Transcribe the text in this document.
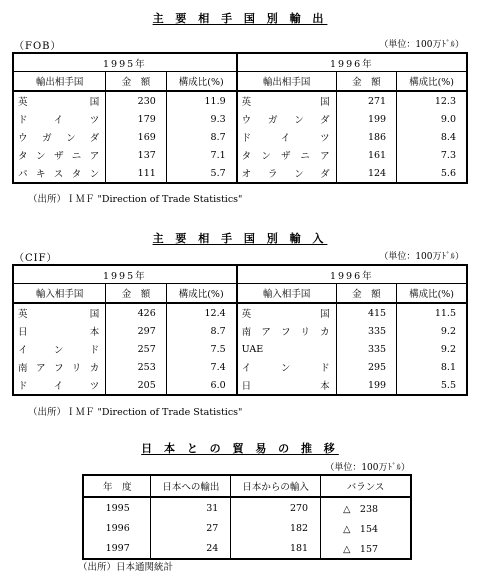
主 要 相 手 国 別 輸 出
（FOB）	（単位：100万ﾄﾞﾙ）
1995年			1996年		
輸出相手国	金　額	構成比(%)	輸出相手国	金　額	構成比(%)
英国	230	11.9	英国	271	12.3
ドイツ	179	9.3	ウガンダ	199	9.0
ウガンダ	169	8.7	ドイツ	186	8.4
タンザニア	137	7.1	タンザニア	161	7.3
パキスタン	111	5.7	オランダ	124	5.6
（出所）ＩＭＦ "Direction of Trade Statistics"
主 要 相 手 国 別 輸 入
（CIF）	（単位：100万ﾄﾞﾙ）
1995年			1996年		
輸入相手国	金　額	構成比(%)	輸入相手国	金　額	構成比(%)
英国	426	12.4	英国	415	11.5
日本	297	8.7	南アフリカ	335	9.2
インド	257	7.5	UAE	335	9.2
南アフリカ	253	7.4	インド	295	8.1
ドイツ	205	6.0	日本	199	5.5
（出所）ＩＭＦ "Direction of Trade Statistics"
日 本 と の 貿 易 の 推 移
（単位：100万ﾄﾞﾙ）
年　度	日本への輸出	日本からの輸入	バランス
1995	31	270	△　238
1996	27	182	△　154
1997	24	181	△　157
（出所）日本通関統計
